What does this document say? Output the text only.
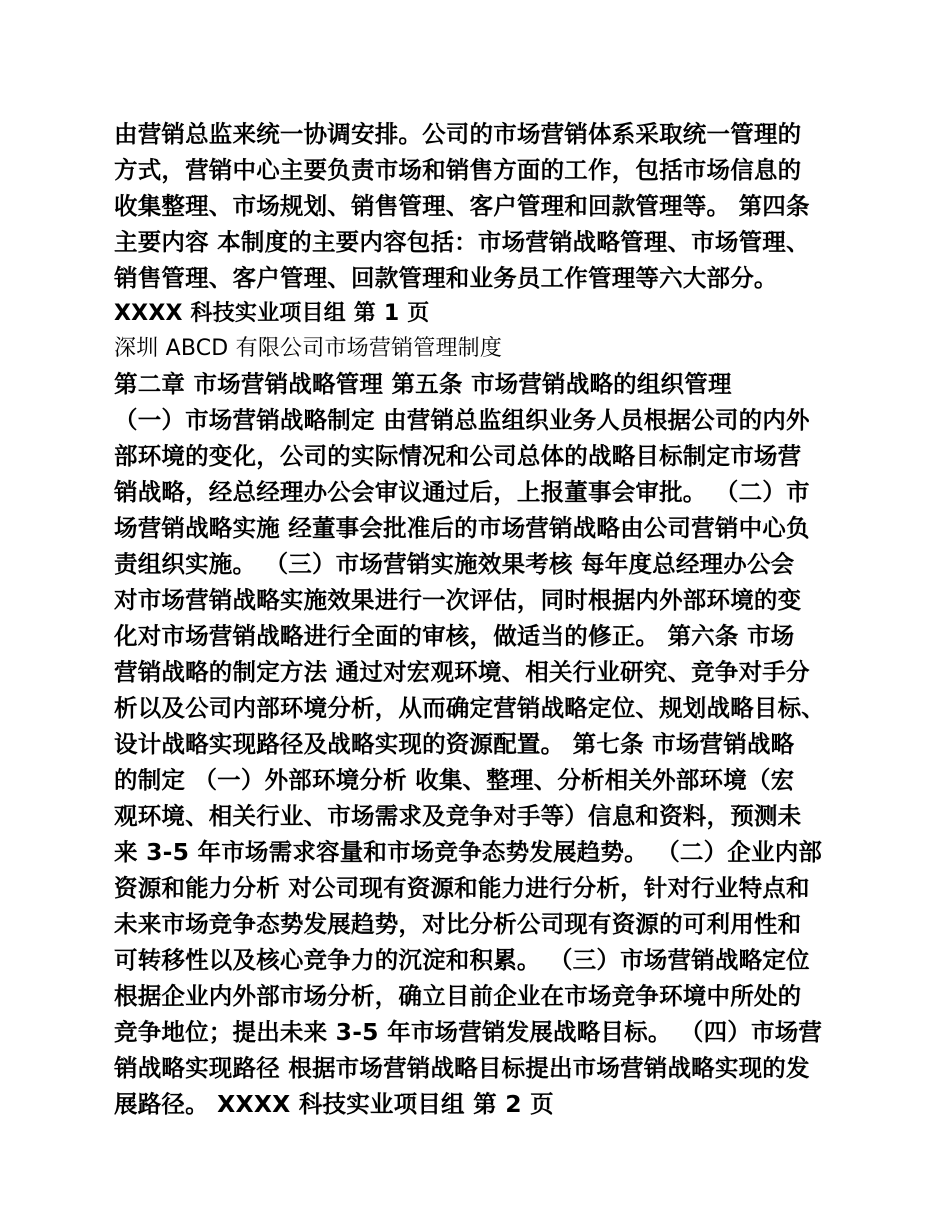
由营销总监来统一协调安排。公司的市场营销体系采取统一管理的
方式，营销中心主要负责市场和销售方面的工作，包括市场信息的
收集整理、市场规划、销售管理、客户管理和回款管理等。 第四条
主要内容 本制度的主要内容包括：市场营销战略管理、市场管理、
销售管理、客户管理、回款管理和业务员工作管理等六大部分。
XXXX 科技实业项目组 第 1 页
深圳 ABCD 有限公司市场营销管理制度
第二章 市场营销战略管理 第五条 市场营销战略的组织管理
（一）市场营销战略制定 由营销总监组织业务人员根据公司的内外
部环境的变化，公司的实际情况和公司总体的战略目标制定市场营
销战略，经总经理办公会审议通过后，上报董事会审批。 （二）市
场营销战略实施 经董事会批准后的市场营销战略由公司营销中心负
责组织实施。 （三）市场营销实施效果考核 每年度总经理办公会
对市场营销战略实施效果进行一次评估，同时根据内外部环境的变
化对市场营销战略进行全面的审核，做适当的修正。 第六条 市场
营销战略的制定方法 通过对宏观环境、相关行业研究、竞争对手分
析以及公司内部环境分析，从而确定营销战略定位、规划战略目标、
设计战略实现路径及战略实现的资源配置。 第七条 市场营销战略
的制定 （一）外部环境分析 收集、整理、分析相关外部环境（宏
观环境、相关行业、市场需求及竞争对手等）信息和资料，预测未
来 3-5 年市场需求容量和市场竞争态势发展趋势。 （二）企业内部
资源和能力分析 对公司现有资源和能力进行分析，针对行业特点和
未来市场竞争态势发展趋势，对比分析公司现有资源的可利用性和
可转移性以及核心竞争力的沉淀和积累。 （三）市场营销战略定位
根据企业内外部市场分析，确立目前企业在市场竞争环境中所处的
竞争地位；提出未来 3-5 年市场营销发展战略目标。 （四）市场营
销战略实现路径 根据市场营销战略目标提出市场营销战略实现的发
展路径。 XXXX 科技实业项目组 第 2 页
